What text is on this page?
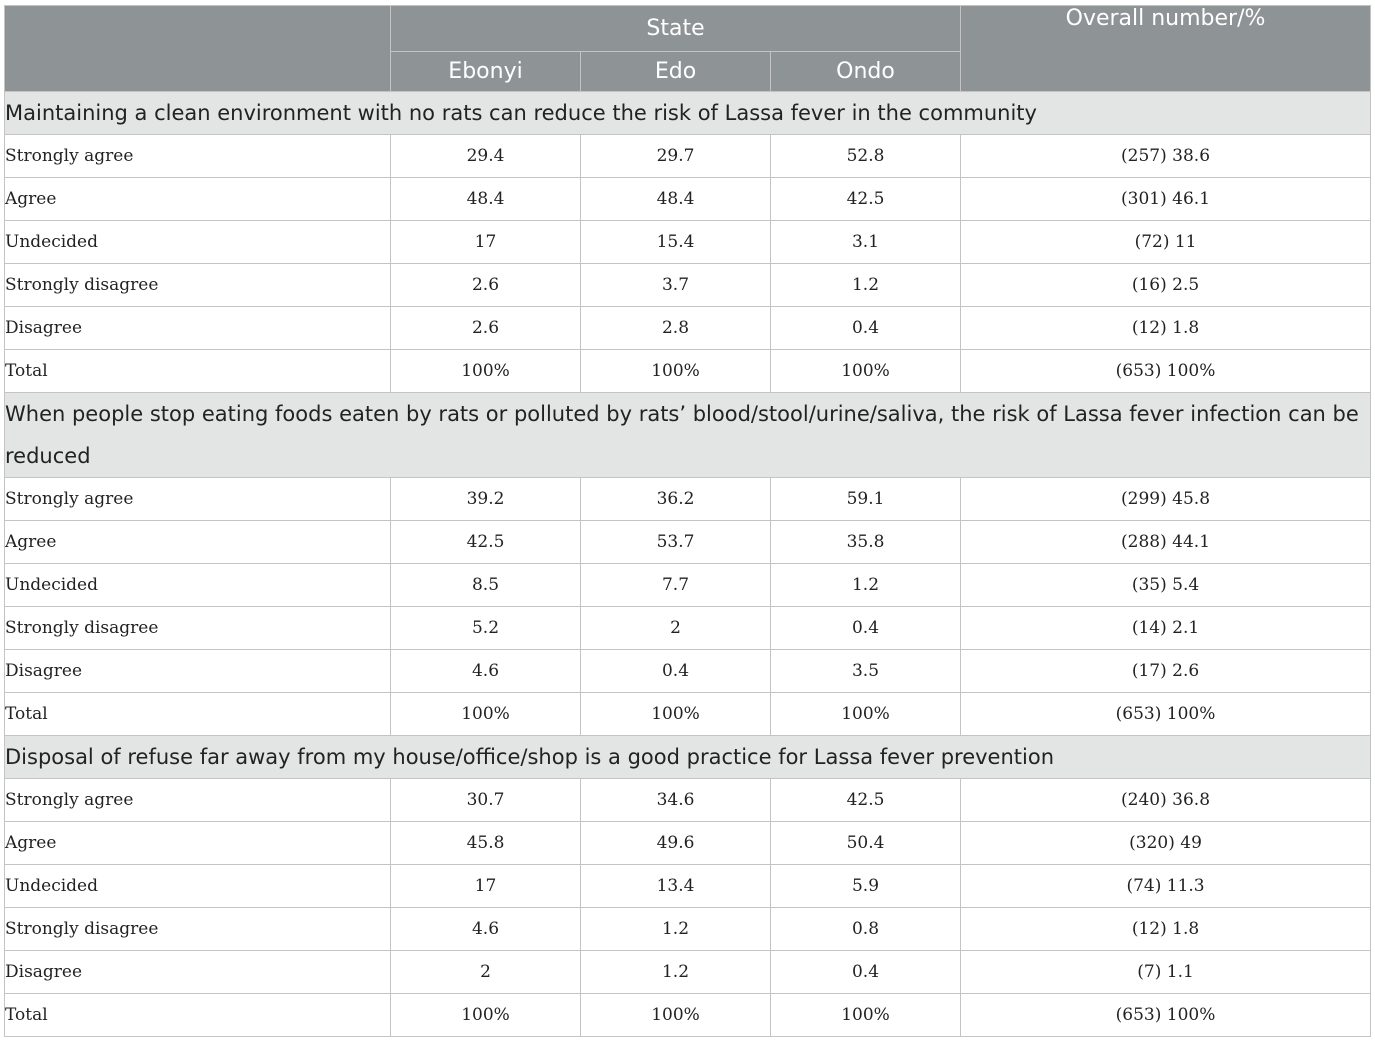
	State			Overall number/%
	Ebonyi	Edo	Ondo	
Maintaining a clean environment with no rats can reduce the risk of Lassa fever in the community				
Strongly agree	29.4	29.7	52.8	(257) 38.6
Agree	48.4	48.4	42.5	(301) 46.1
Undecided	17	15.4	3.1	(72) 11
Strongly disagree	2.6	3.7	1.2	(16) 2.5
Disagree	2.6	2.8	0.4	(12) 1.8
Total	100%	100%	100%	(653) 100%
When people stop eating foods eaten by rats or polluted by rats’ blood/stool/urine/saliva, the risk of Lassa fever infection can be reduced				
Strongly agree	39.2	36.2	59.1	(299) 45.8
Agree	42.5	53.7	35.8	(288) 44.1
Undecided	8.5	7.7	1.2	(35) 5.4
Strongly disagree	5.2	2	0.4	(14) 2.1
Disagree	4.6	0.4	3.5	(17) 2.6
Total	100%	100%	100%	(653) 100%
Disposal of refuse far away from my house/office/shop is a good practice for Lassa fever prevention				
Strongly agree	30.7	34.6	42.5	(240) 36.8
Agree	45.8	49.6	50.4	(320) 49
Undecided	17	13.4	5.9	(74) 11.3
Strongly disagree	4.6	1.2	0.8	(12) 1.8
Disagree	2	1.2	0.4	(7) 1.1
Total	100%	100%	100%	(653) 100%
